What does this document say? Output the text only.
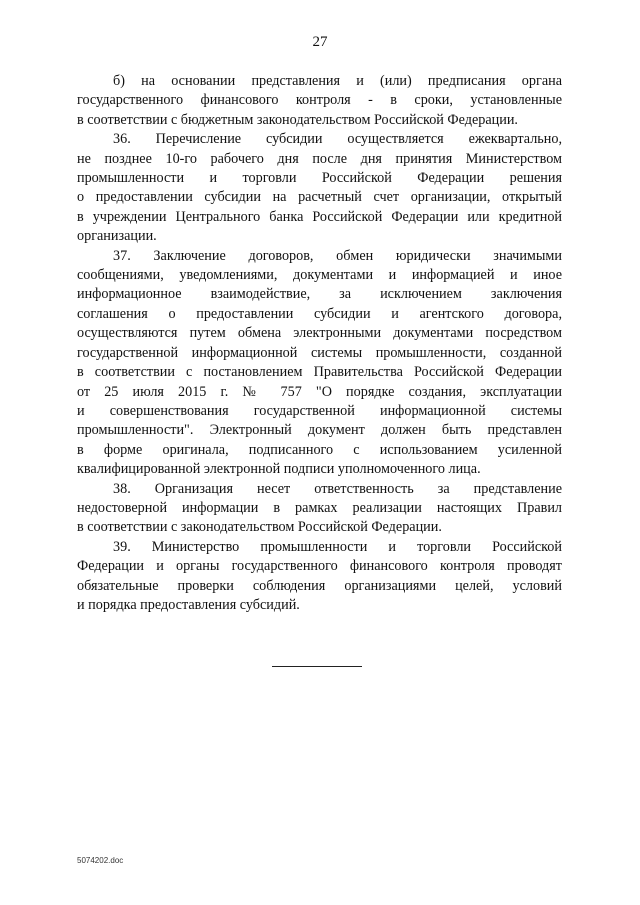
27
б) на основании представления и (или) предписания органа
государственного финансового контроля - в сроки, установленные
в соответствии с бюджетным законодательством Российской Федерации.
36. Перечисление субсидии осуществляется ежеквартально,
не позднее 10-го рабочего дня после дня принятия Министерством
промышленности и торговли Российской Федерации решения
о предоставлении субсидии на расчетный счет организации, открытый
в учреждении Центрального банка Российской Федерации или кредитной
организации.
37. Заключение договоров, обмен юридически значимыми
сообщениями, уведомлениями, документами и информацией и иное
информационное взаимодействие, за исключением заключения
соглашения о предоставлении субсидии и агентского договора,
осуществляются путем обмена электронными документами посредством
государственной информационной системы промышленности, созданной
в соответствии с постановлением Правительства Российской Федерации
от 25 июля 2015 г. № 757 "О порядке создания, эксплуатации
и совершенствования государственной информационной системы
промышленности". Электронный документ должен быть представлен
в форме оригинала, подписанного с использованием усиленной
квалифицированной электронной подписи уполномоченного лица.
38. Организация несет ответственность за представление
недостоверной информации в рамках реализации настоящих Правил
в соответствии с законодательством Российской Федерации.
39. Министерство промышленности и торговли Российской
Федерации и органы государственного финансового контроля проводят
обязательные проверки соблюдения организациями целей, условий
и порядка предоставления субсидий.
5074202.doc
